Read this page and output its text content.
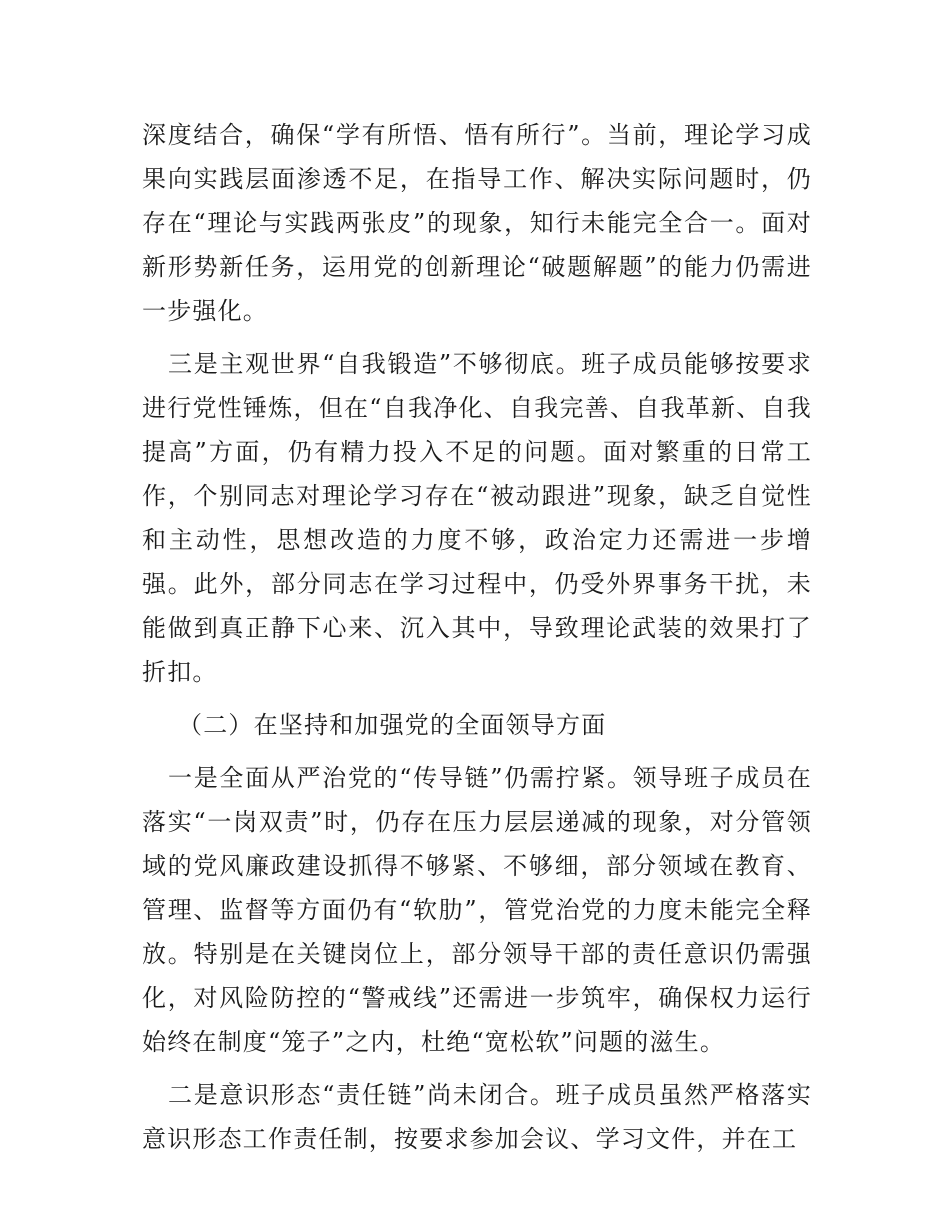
深度结合，确保“学有所悟、悟有所行”。当前，理论学习成果向实践层面渗透不足，在指导工作、解决实际问题时，仍存在“理论与实践两张皮”的现象，知行未能完全合一。面对新形势新任务，运用党的创新理论“破题解题”的能力仍需进一步强化。

三是主观世界“自我锻造”不够彻底。班子成员能够按要求进行党性锤炼，但在“自我净化、自我完善、自我革新、自我提高”方面，仍有精力投入不足的问题。面对繁重的日常工作，个别同志对理论学习存在“被动跟进”现象，缺乏自觉性和主动性，思想改造的力度不够，政治定力还需进一步增强。此外，部分同志在学习过程中，仍受外界事务干扰，未能做到真正静下心来、沉入其中，导致理论武装的效果打了折扣。

（二）在坚持和加强党的全面领导方面

一是全面从严治党的“传导链”仍需拧紧。领导班子成员在落实“一岗双责”时，仍存在压力层层递减的现象，对分管领域的党风廉政建设抓得不够紧、不够细，部分领域在教育、管理、监督等方面仍有“软肋”，管党治党的力度未能完全释放。特别是在关键岗位上，部分领导干部的责任意识仍需强化，对风险防控的“警戒线”还需进一步筑牢，确保权力运行始终在制度“笼子”之内，杜绝“宽松软”问题的滋生。

二是意识形态“责任链”尚未闭合。班子成员虽然严格落实意识形态工作责任制，按要求参加会议、学习文件，并在工
